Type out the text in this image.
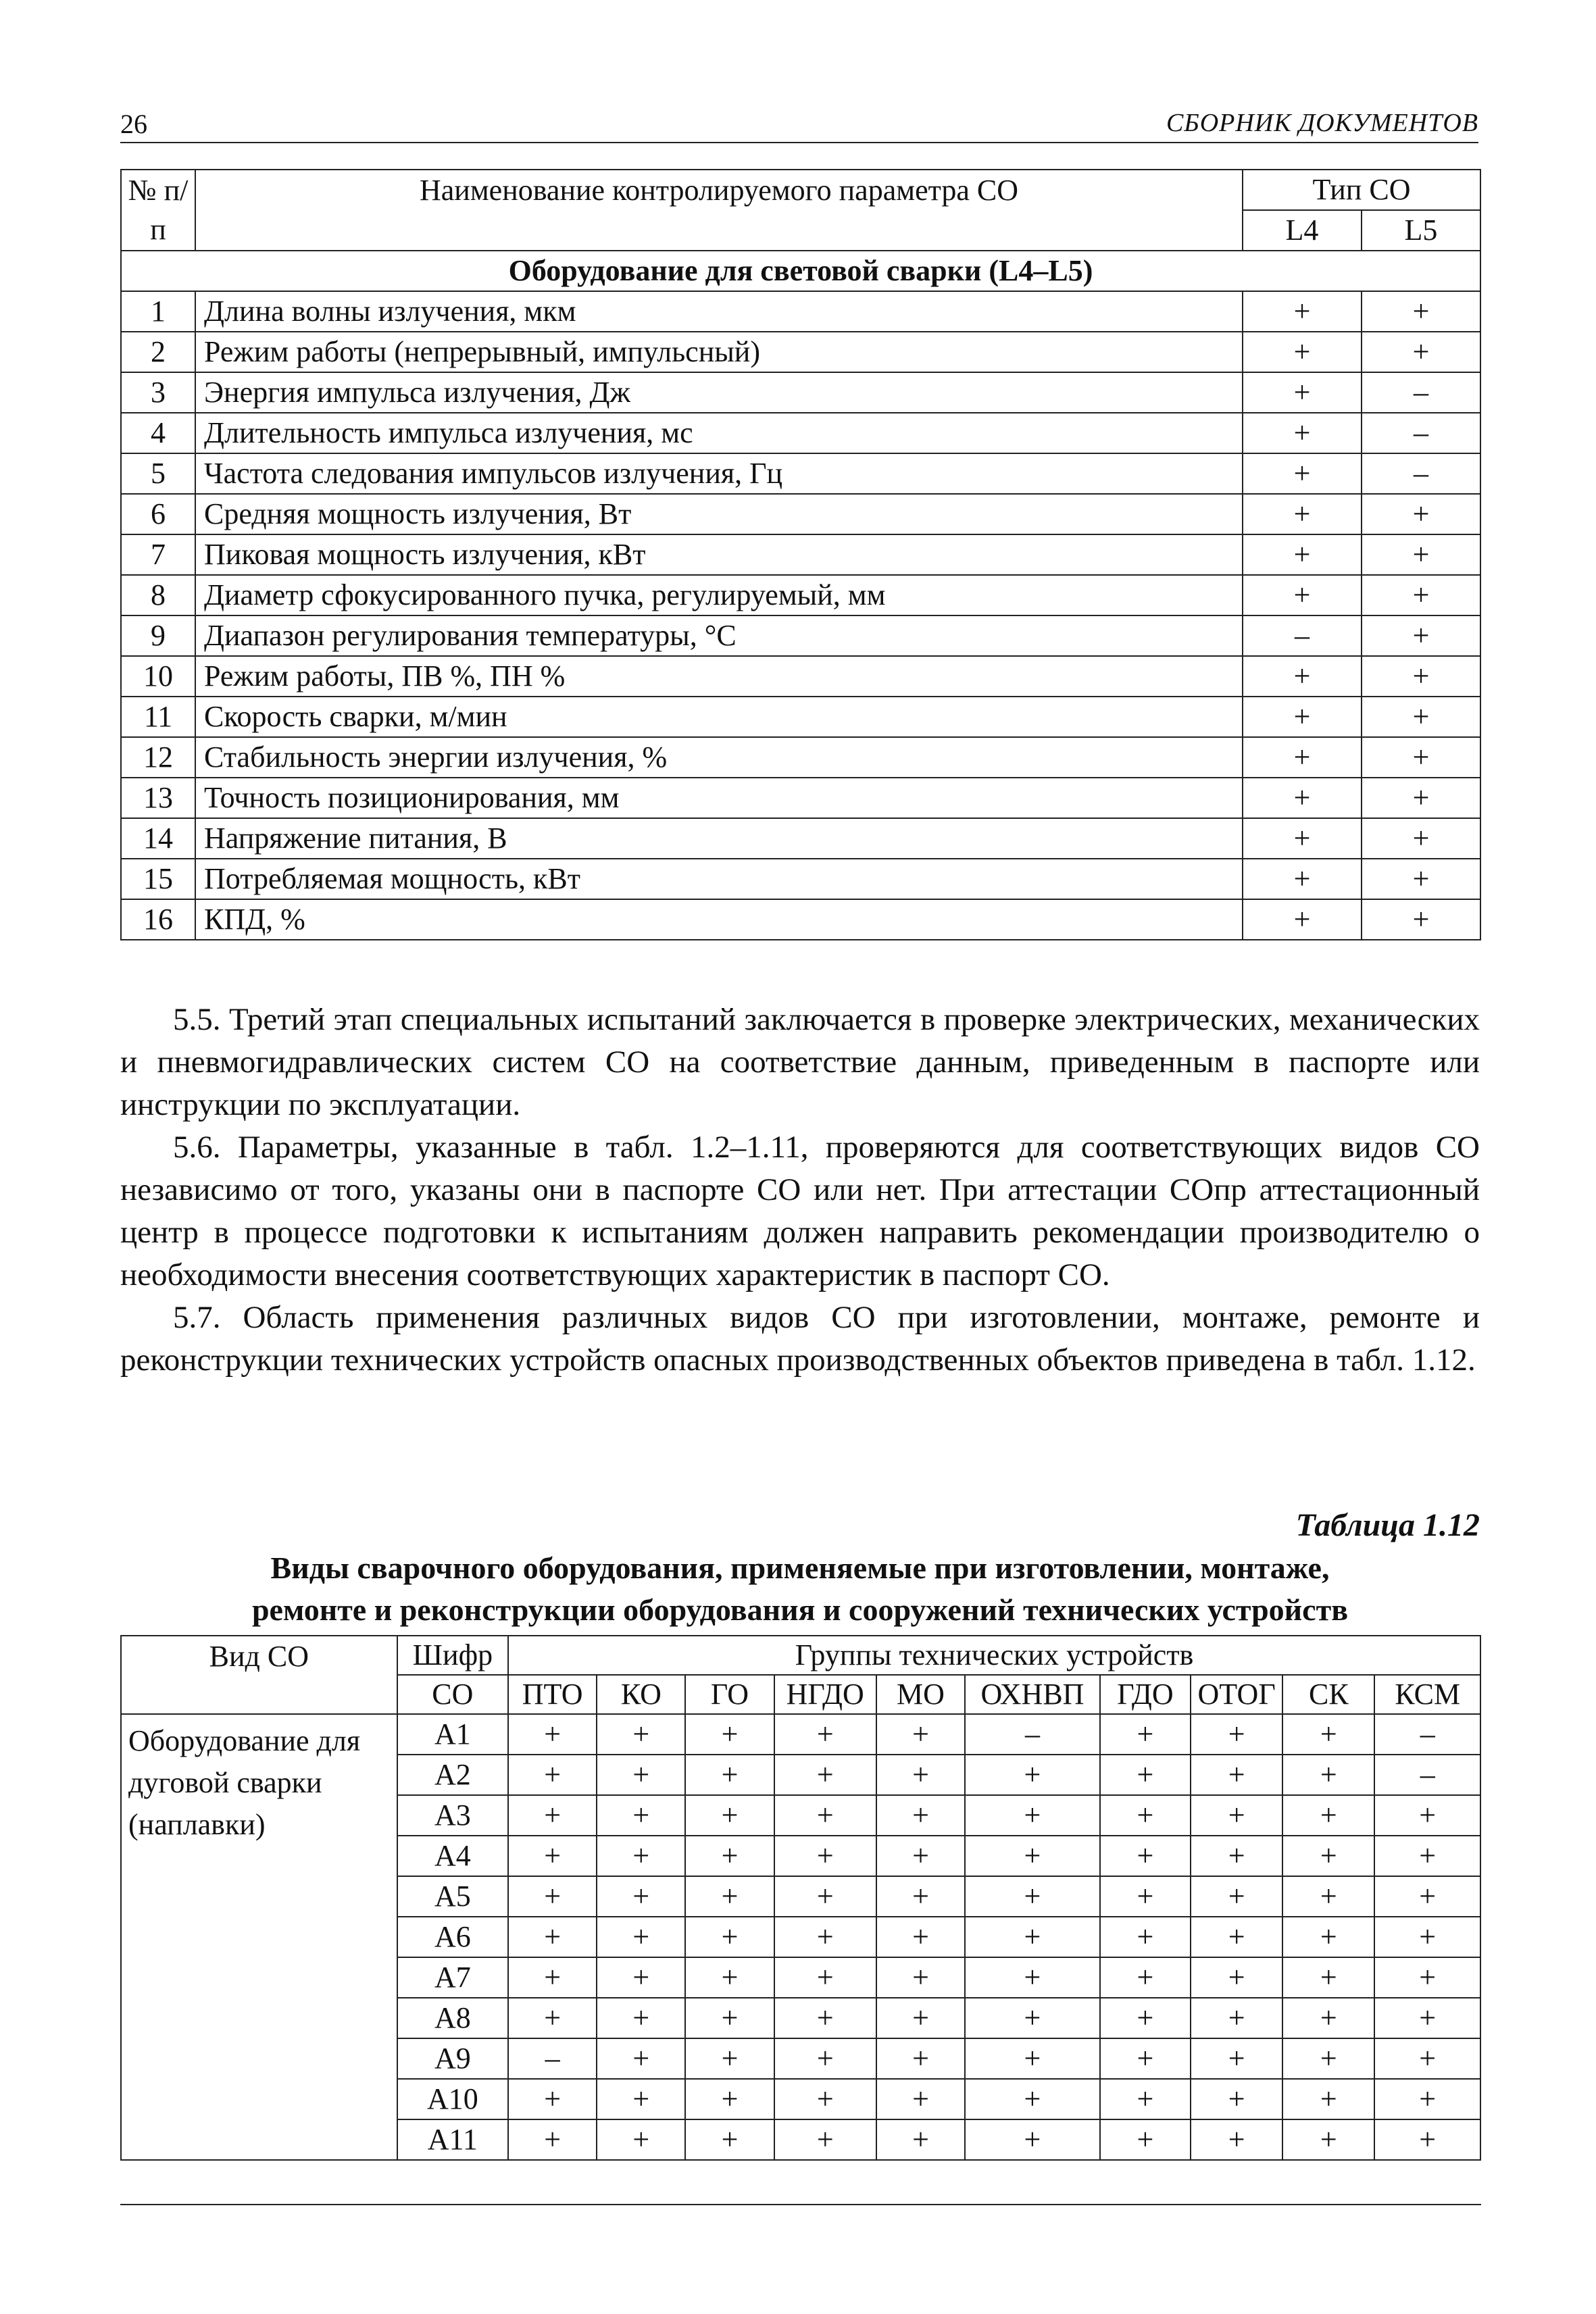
26	СБОРНИК ДОКУМЕНТОВ
№ п/п	Наименование контролируемого параметра СО	Тип СО	
		L4	L5
Оборудование для световой сварки (L4–L5)			
1	Длина волны излучения, мкм	+	+
2	Режим работы (непрерывный, импульсный)	+	+
3	Энергия импульса излучения, Дж	+	–
4	Длительность импульса излучения, мс	+	–
5	Частота следования импульсов излучения, Гц	+	–
6	Средняя мощность излучения, Вт	+	+
7	Пиковая мощность излучения, кВт	+	+
8	Диаметр сфокусированного пучка, регулируемый, мм	+	+
9	Диапазон регулирования температуры, °С	–	+
10	Режим работы, ПВ %, ПН %	+	+
11	Скорость сварки, м/мин	+	+
12	Стабильность энергии излучения, %	+	+
13	Точность позиционирования, мм	+	+
14	Напряжение питания, В	+	+
15	Потребляемая мощность, кВт	+	+
16	КПД, %	+	+

5.5. Третий этап специальных испытаний заключается в проверке электрических, механических и пневмогидравлических систем СО на соответствие данным, приведенным в паспорте или инструкции по эксплуатации.

5.6. Параметры, указанные в табл. 1.2–1.11, проверяются для соответствующих видов СО независимо от того, указаны они в паспорте СО или нет. При аттестации СОпр аттестационный центр в процессе подготовки к испытаниям должен направить рекомендации производителю о необходимости внесения соответствующих характеристик в паспорт СО.

5.7. Область применения различных видов СО при изготовлении, монтаже, ремонте и реконструкции технических устройств опасных производственных объектов приведена в табл. 1.12.

Таблица 1.12
Виды сварочного оборудования, применяемые при изготовлении, монтаже,
ремонте и реконструкции оборудования и сооружений технических устройств
Вид СО	Шифр	Группы технических устройств									
	СО	ПТО	КО	ГО	НГДО	МО	ОХНВП	ГДО	ОТОГ	СК	КСМ
Оборудование для дуговой сварки (наплавки)	А1	+	+	+	+	+	–	+	+	+	–
	А2	+	+	+	+	+	+	+	+	+	–
	А3	+	+	+	+	+	+	+	+	+	+
	А4	+	+	+	+	+	+	+	+	+	+
	А5	+	+	+	+	+	+	+	+	+	+
	А6	+	+	+	+	+	+	+	+	+	+
	А7	+	+	+	+	+	+	+	+	+	+
	А8	+	+	+	+	+	+	+	+	+	+
	А9	–	+	+	+	+	+	+	+	+	+
	А10	+	+	+	+	+	+	+	+	+	+
	А11	+	+	+	+	+	+	+	+	+	+
